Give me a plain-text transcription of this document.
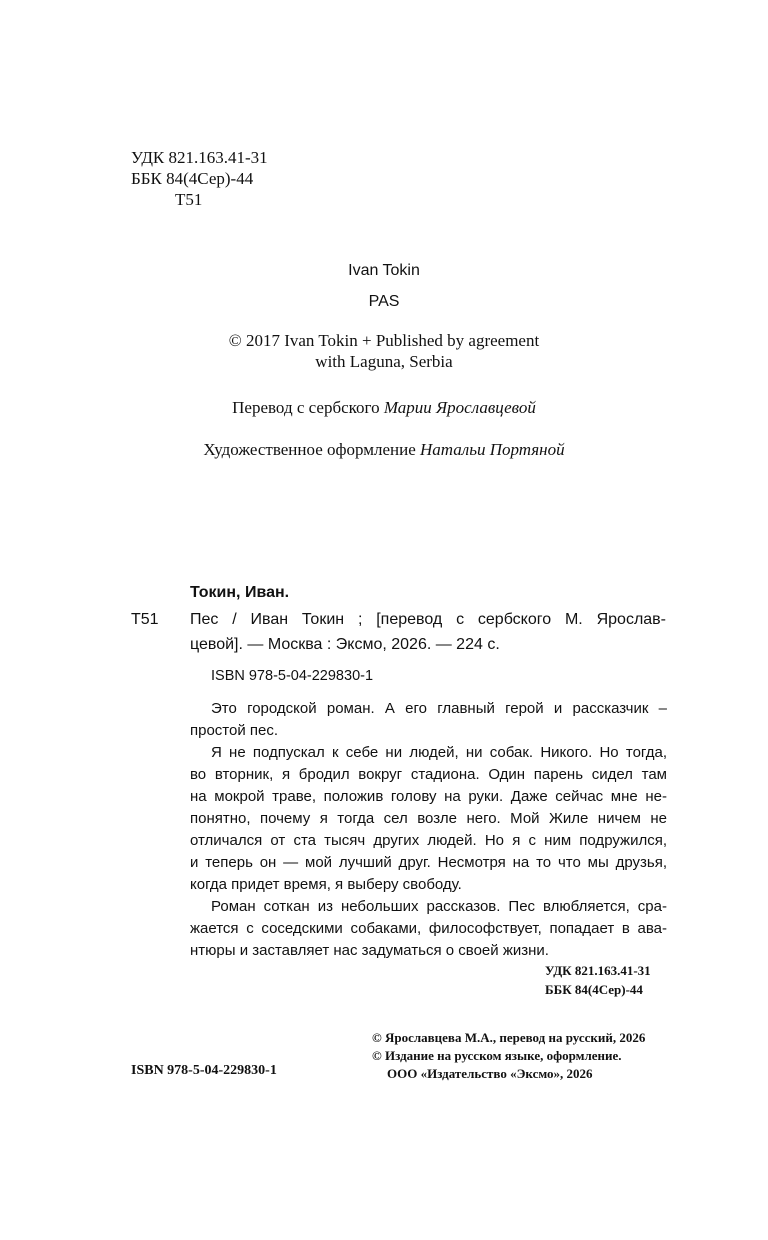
УДК 821.163.41-31
ББК 84(4Сер)-44
Т51
Ivan Tokin
PAS
© 2017 Ivan Tokin + Published by agreement
with Laguna, Serbia
Перевод с сербского Марии Ярославцевой
Художественное оформление Натальи Портяной
Токин, Иван.
Т51 Пес / Иван Токин ; [перевод с сербского М. Ярослав-
цевой]. — Москва : Эксмо, 2026. — 224 с.
ISBN 978-5-04-229830-1
Это городской роман. А его главный герой и рассказчик –
простой пес.
Я не подпускал к себе ни людей, ни собак. Никого. Но тогда,
во вторник, я бродил вокруг стадиона. Один парень сидел там
на мокрой траве, положив голову на руки. Даже сейчас мне не-
понятно, почему я тогда сел возле него. Мой Жиле ничем не
отличался от ста тысяч других людей. Но я с ним подружился,
и теперь он — мой лучший друг. Несмотря на то что мы друзья,
когда придет время, я выберу свободу.
Роман соткан из небольших рассказов. Пес влюбляется, сра-
жается с соседскими собаками, философствует, попадает в ава-
нтюры и заставляет нас задуматься о своей жизни.
УДК 821.163.41-31
ББК 84(4Сер)-44
ISBN 978-5-04-229830-1
© Ярославцева М.А., перевод на русский, 2026
© Издание на русском языке, оформление.
ООО «Издательство «Эксмо», 2026
